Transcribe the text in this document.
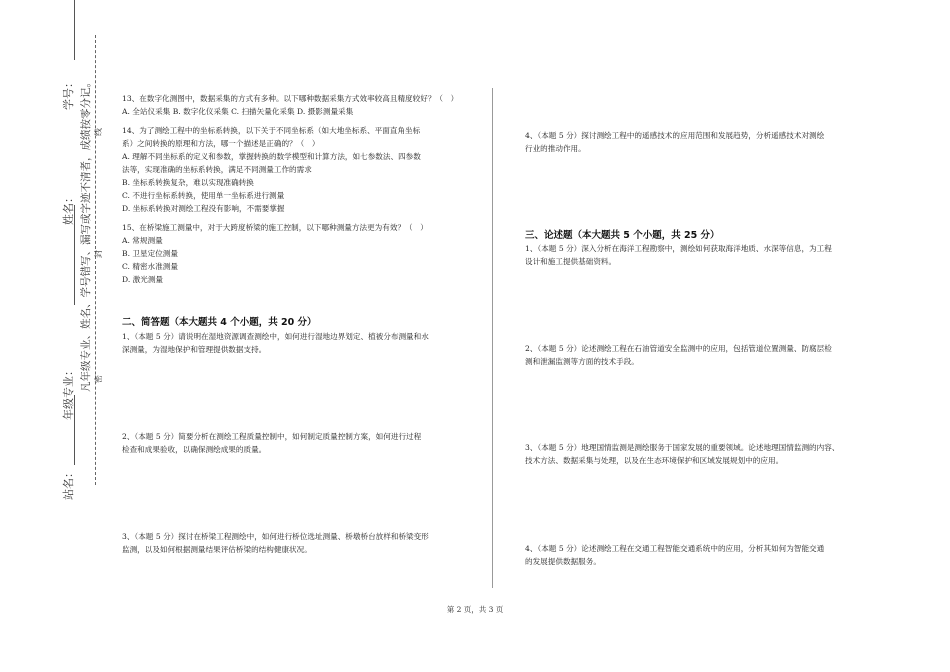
学号：
姓名：
年级专业：
站名：
凡年级专业、姓名、学号错写、漏写或字迹不清者，成绩按零分记。 密
封
线

13、在数字化测图中，数据采集的方式有多种。以下哪种数据采集方式效率较高且精度较好？（　）

A. 全站仪采集 B. 数字化仪采集 C. 扫描矢量化采集 D. 摄影测量采集

14、为了测绘工程中的坐标系转换，以下关于不同坐标系（如大地坐标系、平面直角坐标

系）之间转换的原理和方法，哪一个描述是正确的？（　）

A. 理解不同坐标系的定义和参数，掌握转换的数学模型和计算方法，如七参数法、四参数

法等，实现准确的坐标系转换，满足不同测量工作的需求

B. 坐标系转换复杂，难以实现准确转换

C. 不进行坐标系转换，使用单一坐标系进行测量

D. 坐标系转换对测绘工程没有影响，不需要掌握

15、在桥梁施工测量中，对于大跨度桥梁的施工控制，以下哪种测量方法更为有效？（　）

A. 常规测量

B. 卫星定位测量

C. 精密水准测量

D. 激光测量

二、简答题（本大题共 4 个小题，共 20 分）

1、（本题 5 分）请说明在湿地资源调查测绘中，如何进行湿地边界划定、植被分布测量和水

深测量，为湿地保护和管理提供数据支持。

2、（本题 5 分）简要分析在测绘工程质量控制中，如何制定质量控制方案，如何进行过程

检查和成果验收，以确保测绘成果的质量。

3、（本题 5 分）探讨在桥梁工程测绘中，如何进行桥位选址测量、桥墩桥台放样和桥梁变形

监测，以及如何根据测量结果评估桥梁的结构健康状况。

4、（本题 5 分）探讨测绘工程中的遥感技术的应用范围和发展趋势，分析遥感技术对测绘

行业的推动作用。

三、论述题（本大题共 5 个小题，共 25 分）

1、（本题 5 分）深入分析在海洋工程勘察中，测绘如何获取海洋地质、水深等信息，为工程

设计和施工提供基础资料。

2、（本题 5 分）论述测绘工程在石油管道安全监测中的应用，包括管道位置测量、防腐层检

测和泄漏监测等方面的技术手段。

3、（本题 5 分）地理国情监测是测绘服务于国家发展的重要领域。论述地理国情监测的内容、

技术方法、数据采集与处理，以及在生态环境保护和区域发展规划中的应用。

4、（本题 5 分）论述测绘工程在交通工程智能交通系统中的应用，分析其如何为智能交通

的发展提供数据服务。

第 2 页，共 3 页
